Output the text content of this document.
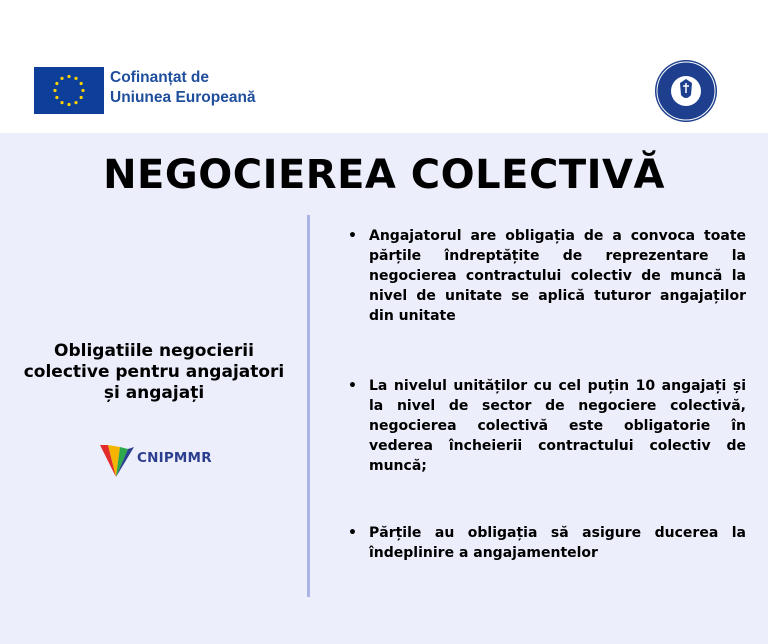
Cofinanțat de
Uniunea Europeană
NEGOCIEREA COLECTIVĂ
Obligatiile negocierii colective pentru angajatori și angajați
CNIPMMR
• Angajatorul are obligația de a convoca toate părțile îndreptățite de reprezentare la negocierea contractului colectiv de muncă la nivel de unitate se aplică tuturor angajaților din unitate
• La nivelul unităților cu cel puțin 10 angajați și la nivel de sector de negociere colectivă, negocierea colectivă este obligatorie în vederea încheierii contractului colectiv de muncă;
• Părțile au obligația să asigure ducerea la îndeplinire a angajamentelor
